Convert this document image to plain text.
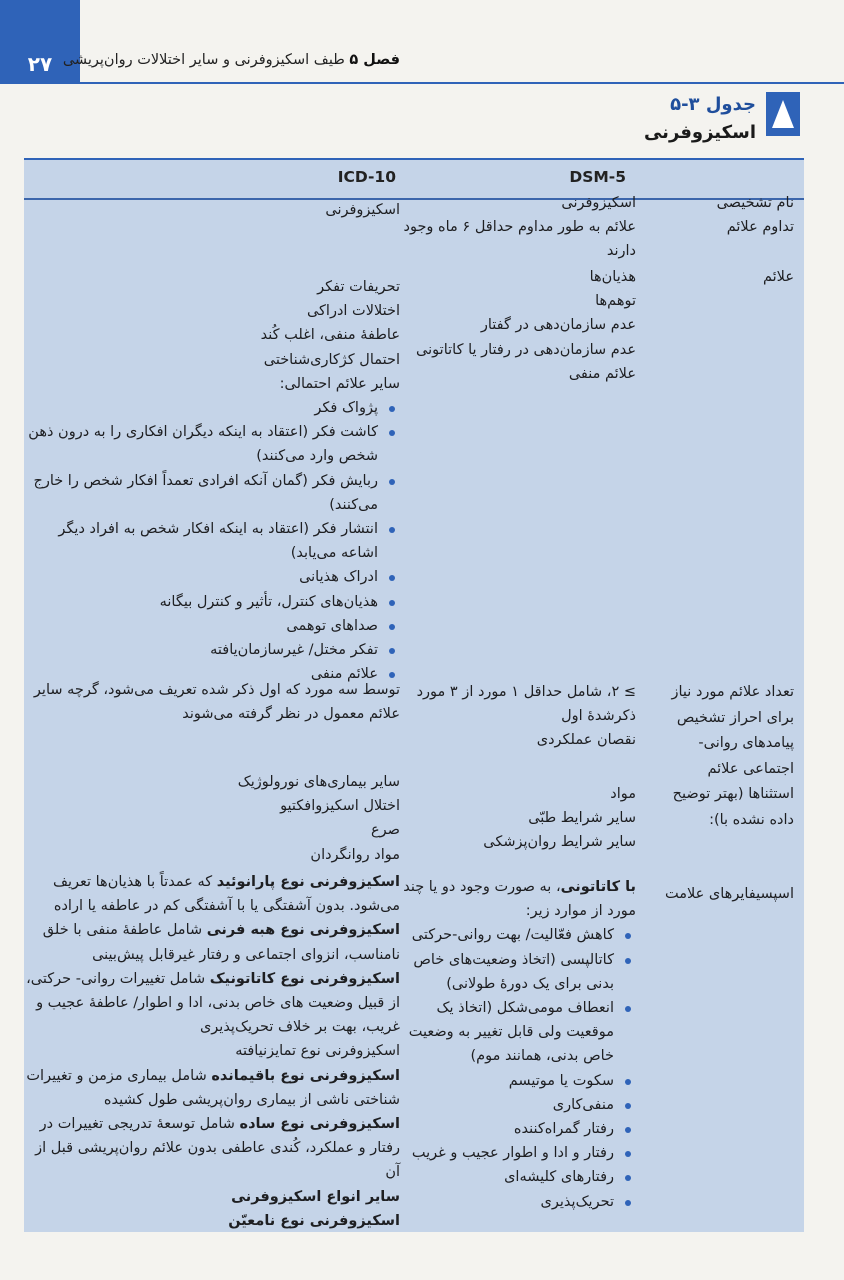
۲۷	فصل ۵ طیف اسکیزوفرنی و سایر اختلالات روان‌پریشی
جدول ۳-۵
اسکیزوفرنی
DSM-5
ICD-10

نام تشخیصی

تداوم علائم

اسکیزوفرنی

علائم به طور مداوم حداقل ۶ ماه وجود دارند

اسکیزوفرنی

علائم

هذیان‌ها

توهم‌ها

عدم سازمان‌دهی در گفتار

عدم سازمان‌دهی در رفتار یا کاتاتونی

علائم منفی

تحریفات تفکر

اختلالات ادراکی

عاطفهٔ منفی، اغلب کُند

احتمال کژکاری‌شناختی

سایر علائم احتمالی:

پژواک فکر
کاشت فکر (اعتقاد به اینکه دیگران افکاری را به درون ذهن شخص وارد می‌کنند)
ربایش فکر (گمان آنکه افرادی تعمداً افکار شخص را خارج می‌کنند)
انتشار فکر (اعتقاد به اینکه افکار شخص به افراد دیگر اشاعه می‌یابد)
ادراک هذیانی
هذیان‌های کنترل، تأثیر و کنترل بیگانه
صداهای توهمی
تفکر مختل/ غیرسازمان‌یافته
علائم منفی

تعداد علائم مورد نیاز برای احراز تشخیص پیامدهای روانی- اجتماعی علائم

استثناها (بهتر توضیح داده نشده با):

≥ ۲، شامل حداقل ۱ مورد از ۳ مورد ذکرشدهٔ اول

نقصان عملکردی

مواد

سایر شرایط طبّی

سایر شرایط روان‌پزشکی

توسط سه مورد که اول ذکر شده تعریف می‌شود، گرچه سایر علائم معمول در نظر گرفته می‌شوند

سایر بیماری‌های نورولوژیک

اختلال اسکیزوافکتیو

صرع

مواد روانگردان

اسپسیفایرهای علامت

با کاتاتونی، به صورت وجود دو یا چند مورد از موارد زیر:

کاهش فعّالیت/ بهت روانی-حرکتی
کاتالپسی (اتخاذ وضعیت‌های خاص بدنی برای یک دورهٔ طولانی)
انعطاف مومی‌شکل (اتخاذ یک موقعیت ولی قابل تغییر به وضعیت خاص بدنی، همانند موم)
سکوت یا موتیسم
منفی‌کاری
رفتار گمراه‌کننده
رفتار و ادا و اطوار عجیب و غریب
رفتارهای کلیشه‌ای
تحریک‌پذیری

اسکیزوفرنی نوع پارانوئید که عمدتاً با هذیان‌ها تعریف می‌شود. بدون آشفتگی یا با آشفتگی کم در عاطفه یا اراده

اسکیزوفرنی نوع هبه فرنی شامل عاطفهٔ منفی با خلق نامناسب، انزوای اجتماعی و رفتار غیرقابل پیش‌بینی

اسکیزوفرنی نوع کاتاتونیک شامل تغییرات روانی- حرکتی، از قبیل وضعیت های خاص بدنی، ادا و اطوار/ عاطفهٔ عجیب و غریب، بهت بر خلاف تحریک‌پذیری

اسکیزوفرنی نوع تمایزنیافته

اسکیزوفرنی نوع باقیمانده شامل بیماری مزمن و تغییرات شناختی ناشی از بیماری روان‌پریشی طول کشیده

اسکیزوفرنی نوع ساده شامل توسعهٔ تدریجی تغییرات در رفتار و عملکرد، کُندی عاطفی بدون علائم روان‌پریشی قبل از آن

سایر انواع اسکیزوفرنی

اسکیزوفرنی نوع نامعیّن
